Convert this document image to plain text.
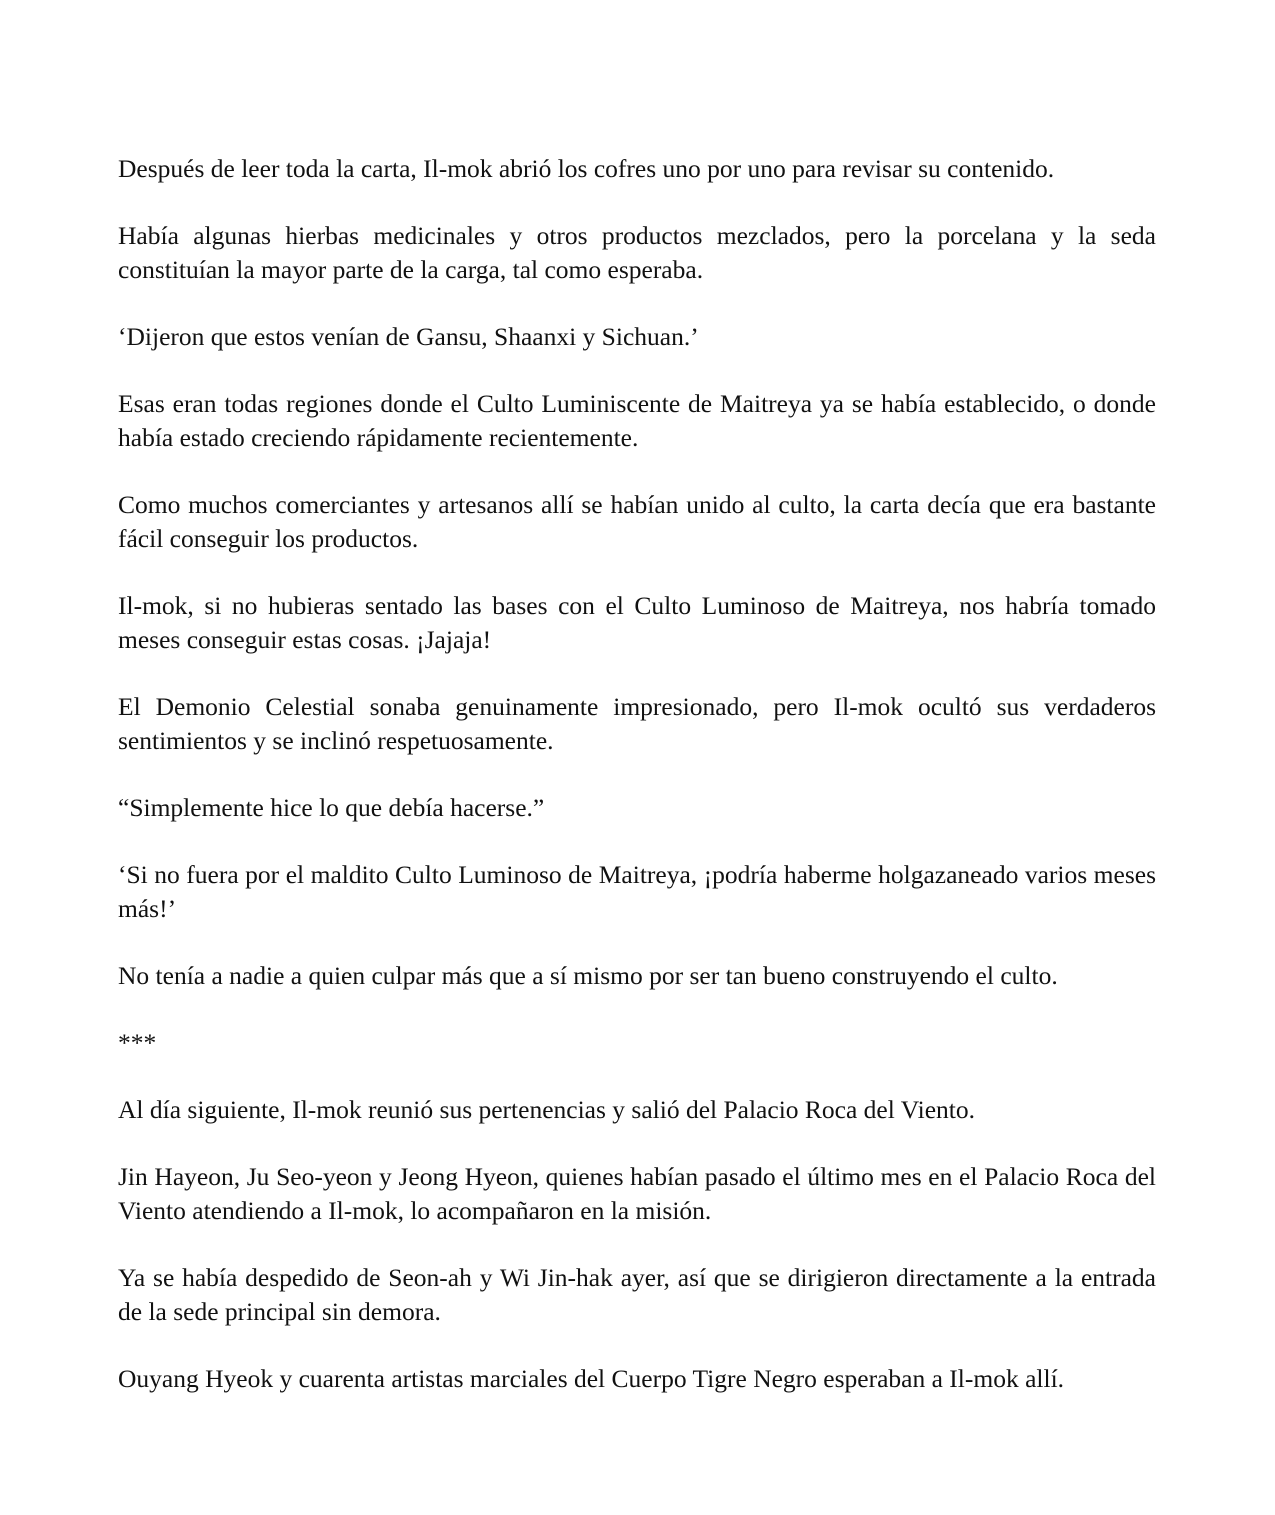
Después de leer toda la carta, Il-mok abrió los cofres uno por uno para revisar su contenido.

Había algunas hierbas medicinales y otros productos mezclados, pero la porcelana y la seda constituían la mayor parte de la carga, tal como esperaba.

‘Dijeron que estos venían de Gansu, Shaanxi y Sichuan.’

Esas eran todas regiones donde el Culto Luminiscente de Maitreya ya se había establecido, o donde había estado creciendo rápidamente recientemente.

Como muchos comerciantes y artesanos allí se habían unido al culto, la carta decía que era bastante fácil conseguir los productos.

Il-mok, si no hubieras sentado las bases con el Culto Luminoso de Maitreya, nos habría tomado meses conseguir estas cosas. ¡Jajaja!

El Demonio Celestial sonaba genuinamente impresionado, pero Il-mok ocultó sus verdaderos sentimientos y se inclinó respetuosamente.

“Simplemente hice lo que debía hacerse.”

‘Si no fuera por el maldito Culto Luminoso de Maitreya, ¡podría haberme holgazaneado varios meses más!’

No tenía a nadie a quien culpar más que a sí mismo por ser tan bueno construyendo el culto.

***

Al día siguiente, Il-mok reunió sus pertenencias y salió del Palacio Roca del Viento.

Jin Hayeon, Ju Seo-yeon y Jeong Hyeon, quienes habían pasado el último mes en el Palacio Roca del Viento atendiendo a Il-mok, lo acompañaron en la misión.

Ya se había despedido de Seon-ah y Wi Jin-hak ayer, así que se dirigieron directamente a la entrada de la sede principal sin demora.

Ouyang Hyeok y cuarenta artistas marciales del Cuerpo Tigre Negro esperaban a Il-mok allí.
